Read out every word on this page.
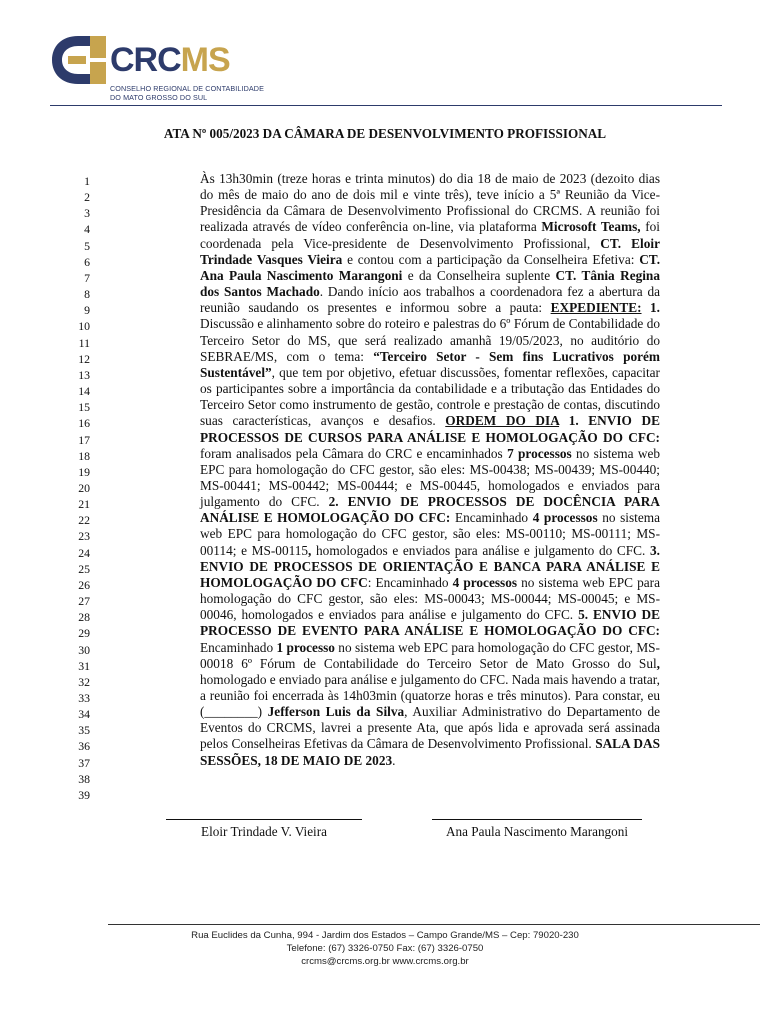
CRCMS
CONSELHO REGIONAL DE CONTABILIDADE
DO MATO GROSSO DO SUL
ATA Nº 005/2023 DA CÂMARA DE DESENVOLVIMENTO PROFISSIONAL
1
2
3
4
5
6
7
8
9
10
11
12
13
14
15
16
17
18
19
20
21
22
23
24
25
26
27
28
29
30
31
32
33
34
35
36
37
38
39
Às 13h30min (treze horas e trinta minutos) do dia 18 de maio de 2023 (dezoito dias do mês de maio do ano de dois mil e vinte três), teve início a 5ª Reunião da Vice-Presidência da Câmara de Desenvolvimento Profissional do CRCMS. A reunião foi realizada através de vídeo conferência on-line, via plataforma Microsoft Teams, foi coordenada pela Vice-presidente de Desenvolvimento Profissional, CT. Eloir Trindade Vasques Vieira e contou com a participação da Conselheira Efetiva: CT. Ana Paula Nascimento Marangoni e da Conselheira suplente CT. Tânia Regina dos Santos Machado. Dando início aos trabalhos a coordenadora fez a abertura da reunião saudando os presentes e informou sobre a pauta: EXPEDIENTE: 1. Discussão e alinhamento sobre do roteiro e palestras do 6º Fórum de Contabilidade do Terceiro Setor do MS, que será realizado amanhã 19/05/2023, no auditório do SEBRAE/MS, com o tema: “Terceiro Setor - Sem fins Lucrativos porém Sustentável”, que tem por objetivo, efetuar discussões, fomentar reflexões, capacitar os participantes sobre a importância da contabilidade e a tributação das Entidades do Terceiro Setor como instrumento de gestão, controle e prestação de contas, discutindo suas características, avanços e desafios. ORDEM DO DIA 1. ENVIO DE PROCESSOS DE CURSOS PARA ANÁLISE E HOMOLOGAÇÃO DO CFC: foram analisados pela Câmara do CRC e encaminhados 7 processos no sistema web EPC para homologação do CFC gestor, são eles: MS-00438; MS-00439; MS-00440; MS-00441; MS-00442; MS-00444; e MS-00445, homologados e enviados para julgamento do CFC. 2. ENVIO DE PROCESSOS DE DOCÊNCIA PARA ANÁLISE E HOMOLOGAÇÃO DO CFC: Encaminhado 4 processos no sistema web EPC para homologação do CFC gestor, são eles: MS-00110; MS-00111; MS-00114; e MS-00115, homologados e enviados para análise e julgamento do CFC. 3. ENVIO DE PROCESSOS DE ORIENTAÇÃO E BANCA PARA ANÁLISE E HOMOLOGAÇÃO DO CFC: Encaminhado 4 processos no sistema web EPC para homologação do CFC gestor, são eles: MS-00043; MS-00044; MS-00045; e MS-00046, homologados e enviados para análise e julgamento do CFC. 5. ENVIO DE PROCESSO DE EVENTO PARA ANÁLISE E HOMOLOGAÇÃO DO CFC: Encaminhado 1 processo no sistema web EPC para homologação do CFC gestor, MS-00018 6º Fórum de Contabilidade do Terceiro Setor de Mato Grosso do Sul, homologado e enviado para análise e julgamento do CFC. Nada mais havendo a tratar, a reunião foi encerrada às 14h03min (quatorze horas e três minutos). Para constar, eu (________) Jefferson Luis da Silva, Auxiliar Administrativo do Departamento de Eventos do CRCMS, lavrei a presente Ata, que após lida e aprovada será assinada pelos Conselheiras Efetivas da Câmara de Desenvolvimento Profissional. SALA DAS SESSÕES, 18 DE MAIO DE 2023.
Eloir Trindade V. Vieira	Ana Paula Nascimento Marangoni
Rua Euclides da Cunha, 994 - Jardim dos Estados – Campo Grande/MS – Cep: 79020-230
Telefone: (67) 3326-0750 Fax: (67) 3326-0750
crcms@crcms.org.br www.crcms.org.br
